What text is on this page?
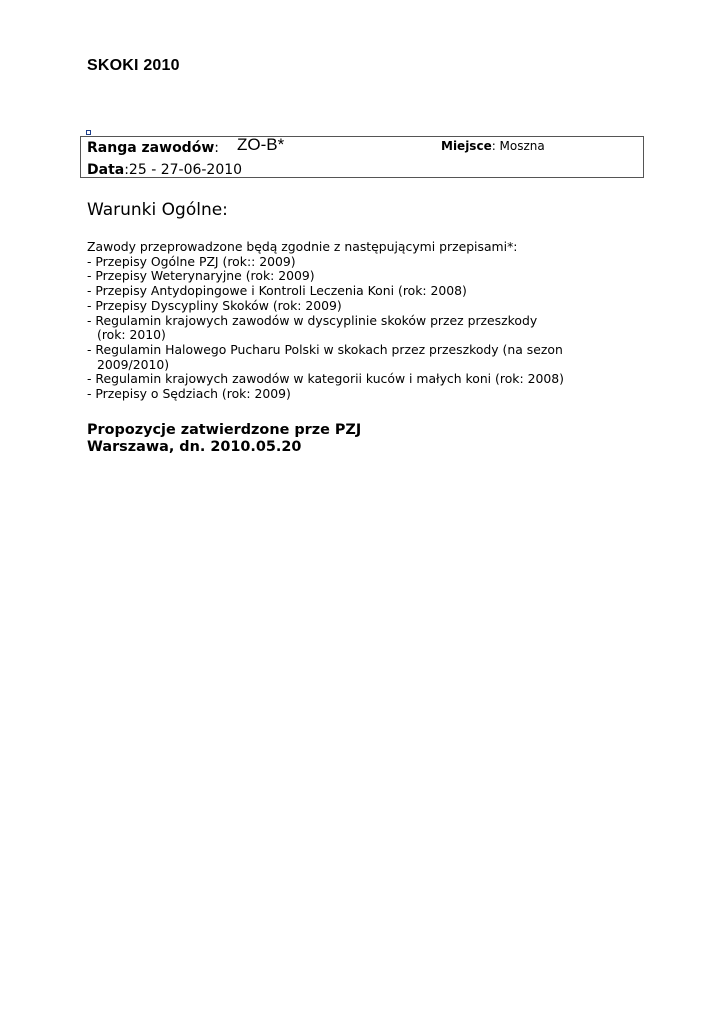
SKOKI 2010
Ranga zawodów: ZO-B*	Miejsce: Moszna
Data:25 - 27-06-2010
Warunki Ogólne:

Zawody przeprowadzone będą zgodnie z następującymi przepisami*:

- Przepisy Ogólne PZJ (rok:: 2009)

- Przepisy Weterynaryjne (rok: 2009)

- Przepisy Antydopingowe i Kontroli Leczenia Koni (rok: 2008)

- Przepisy Dyscypliny Skoków (rok: 2009)

- Regulamin krajowych zawodów w dyscyplinie skoków przez przeszkody

(rok: 2010)

- Regulamin Halowego Pucharu Polski w skokach przez przeszkody (na sezon

2009/2010)

- Regulamin krajowych zawodów w kategorii kuców i małych koni (rok: 2008)

- Przepisy o Sędziach (rok: 2009)

Propozycje zatwierdzone prze PZJ
Warszawa, dn. 2010.05.20
